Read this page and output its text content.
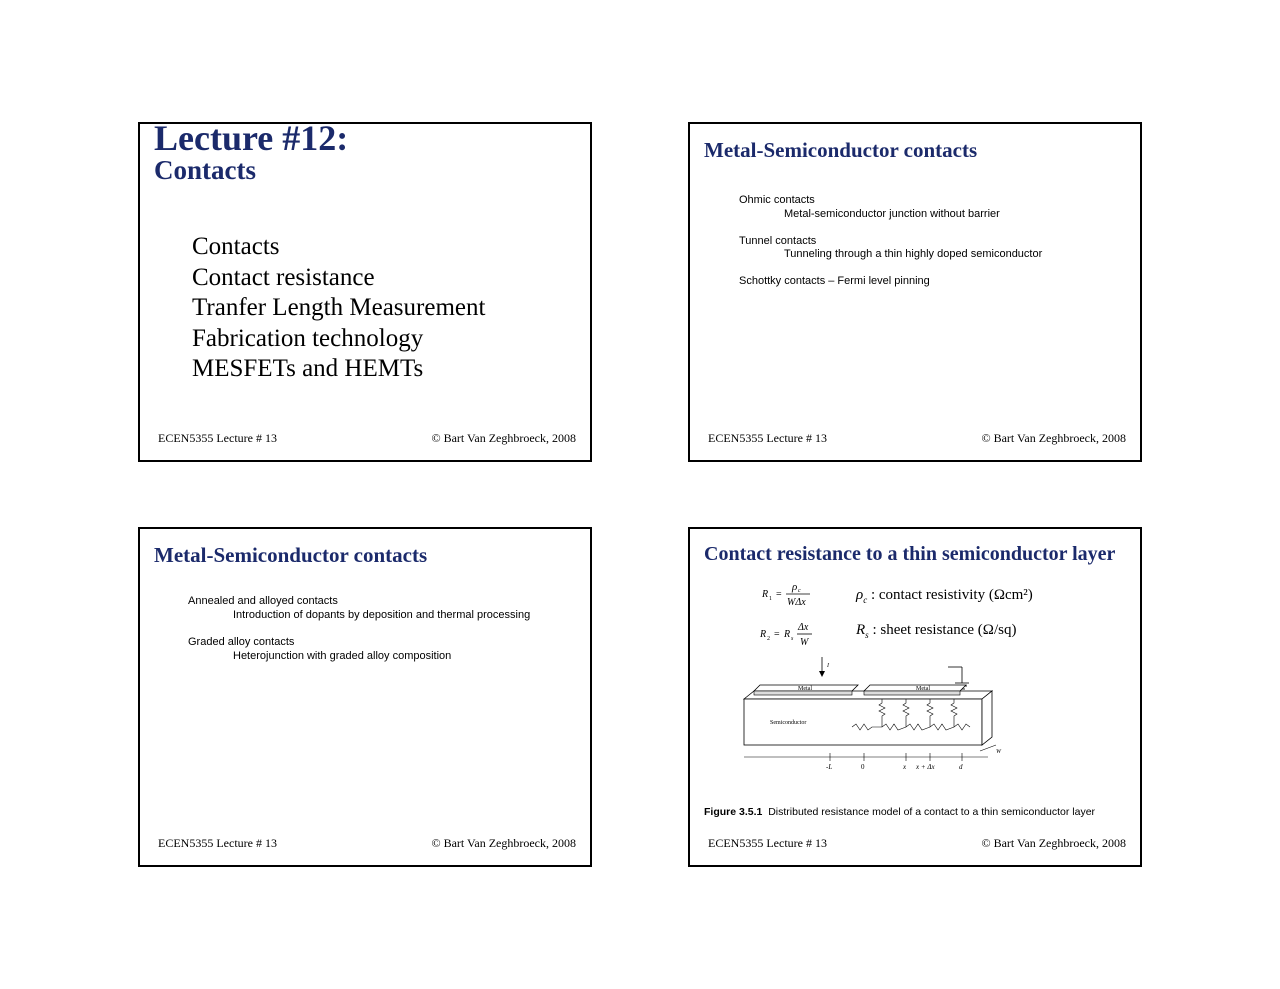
Lecture #12:
Contacts
Contacts
Contact resistance
Tranfer Length Measurement
Fabrication technology
MESFETs and HEMTs
ECEN5355 Lecture # 13	© Bart Van Zeghbroeck, 2008
Metal-Semiconductor contacts
Ohmic contacts
Metal-semiconductor junction without barrier
Tunnel contacts
Tunneling through a thin highly doped semiconductor
Schottky contacts – Fermi level pinning
ECEN5355 Lecture # 13	© Bart Van Zeghbroeck, 2008
Metal-Semiconductor contacts
Annealed and alloyed contacts
Introduction of dopants by deposition and thermal processing
Graded alloy contacts
Heterojunction with graded alloy composition
ECEN5355 Lecture # 13	© Bart Van Zeghbroeck, 2008
Contact resistance to a thin semiconductor layer
R 1 =
ρ c
WΔx	$\rho_c$ : contact resistivity (Ωcm²)
R 2 = R s
Δx
W
$R_s$ : sheet resistance (Ω/sq)
I
Metal	Metal
Semiconductor
W
-L	0	x x + Δx	d
Figure 3.5.1 Distributed resistance model of a contact to a thin semiconductor layer
ECEN5355 Lecture # 13	© Bart Van Zeghbroeck, 2008
